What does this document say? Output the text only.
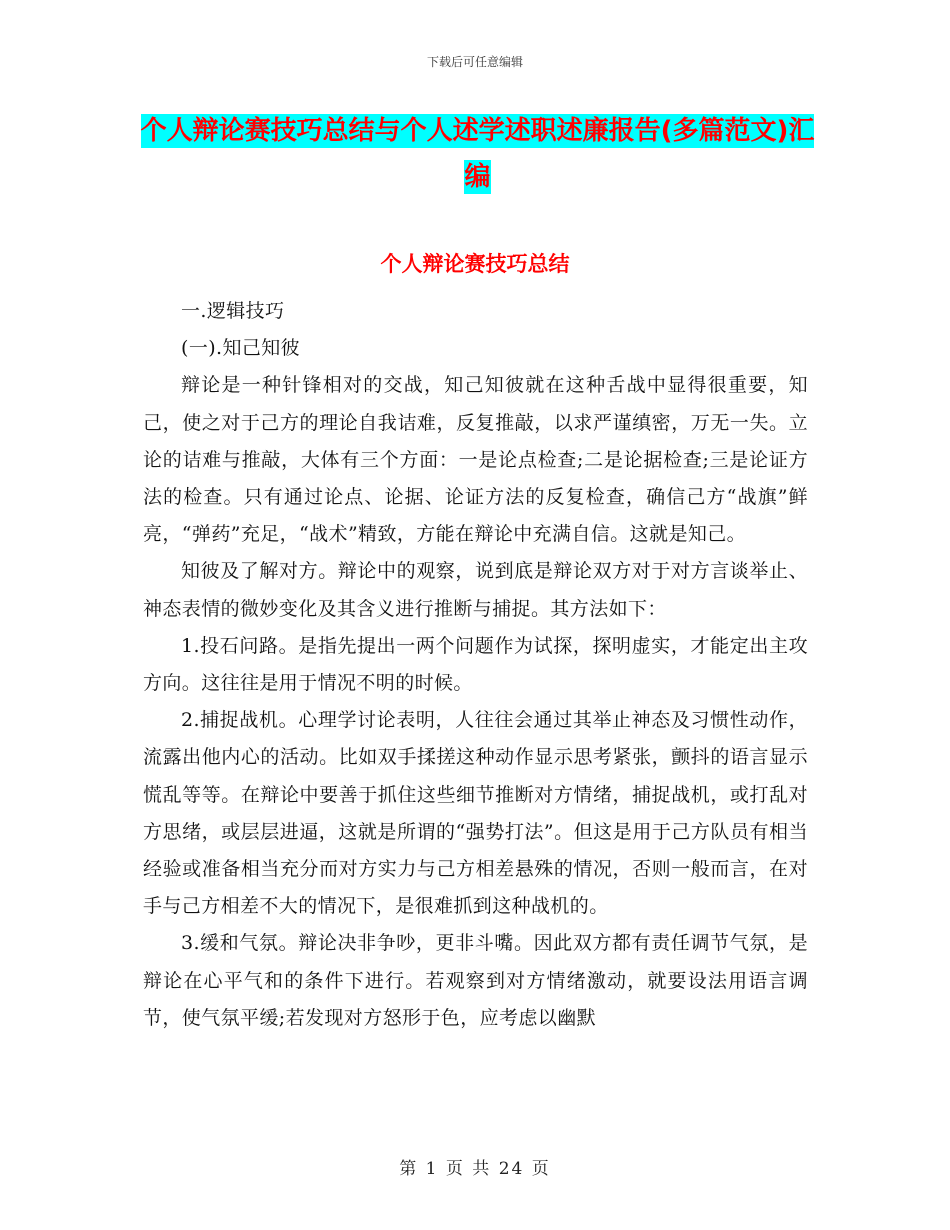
下载后可任意编辑
个人辩论赛技巧总结与个人述学述职述廉报告(多篇范文)汇编
个人辩论赛技巧总结

一.逻辑技巧

(一).知己知彼

辩论是一种针锋相对的交战，知己知彼就在这种舌战中显得很重要，知己，使之对于己方的理论自我诘难，反复推敲，以求严谨缜密，万无一失。立论的诘难与推敲，大体有三个方面：一是论点检查;二是论据检查;三是论证方法的检查。只有通过论点、论据、论证方法的反复检查，确信己方“战旗”鲜亮，“弹药”充足，“战术”精致，方能在辩论中充满自信。这就是知己。

知彼及了解对方。辩论中的观察，说到底是辩论双方对于对方言谈举止、神态表情的微妙变化及其含义进行推断与捕捉。其方法如下：

1.投石问路。是指先提出一两个问题作为试探，探明虚实，才能定出主攻方向。这往往是用于情况不明的时候。

2.捕捉战机。心理学讨论表明，人往往会通过其举止神态及习惯性动作，流露出他内心的活动。比如双手揉搓这种动作显示思考紧张，颤抖的语言显示慌乱等等。在辩论中要善于抓住这些细节推断对方情绪，捕捉战机，或打乱对方思绪，或层层进逼，这就是所谓的“强势打法”。但这是用于己方队员有相当经验或准备相当充分而对方实力与己方相差悬殊的情况，否则一般而言，在对手与己方相差不大的情况下，是很难抓到这种战机的。

3.缓和气氛。辩论决非争吵，更非斗嘴。因此双方都有责任调节气氛，是辩论在心平气和的条件下进行。若观察到对方情绪激动，就要设法用语言调节，使气氛平缓;若发现对方怒形于色，应考虑以幽默

第 1 页 共 24 页
